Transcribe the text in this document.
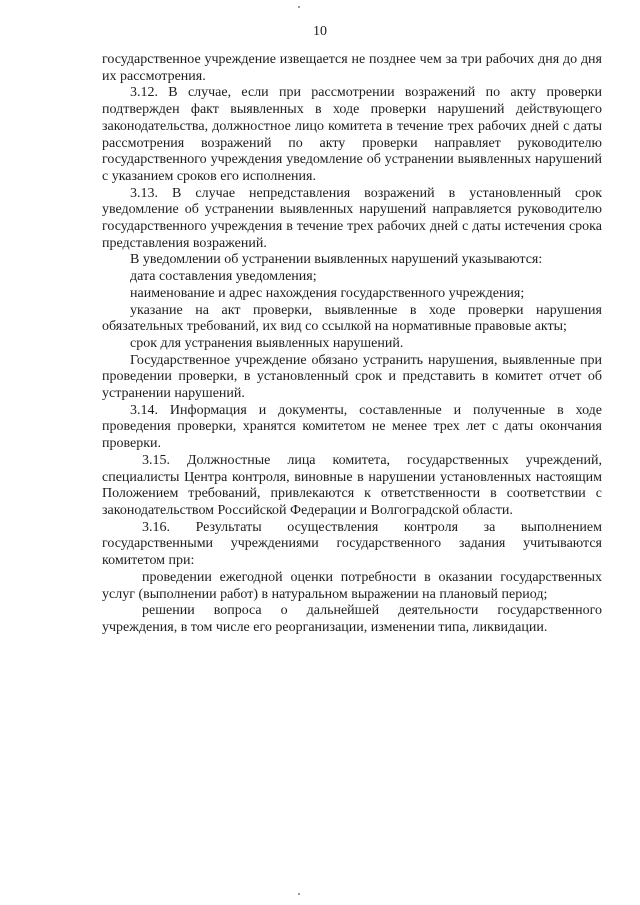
10

государственное учреждение извещается не позднее чем за три рабочих дня до дня их рассмотрения.

3.12. В случае, если при рассмотрении возражений по акту проверки подтвержден факт выявленных в ходе проверки нарушений действующего законодательства, должностное лицо комитета в течение трех рабочих дней с даты рассмотрения возражений по акту проверки направляет руководителю государственного учреждения уведомление об устранении выявленных нарушений с указанием сроков его исполнения.

3.13. В случае непредставления возражений в установленный срок уведомление об устранении выявленных нарушений направляется руководителю государственного учреждения в течение трех рабочих дней с даты истечения срока представления возражений.

В уведомлении об устранении выявленных нарушений указываются:

дата составления уведомления;

наименование и адрес нахождения государственного учреждения;

указание на акт проверки, выявленные в ходе проверки нарушения обязательных требований, их вид со ссылкой на нормативные правовые акты;

срок для устранения выявленных нарушений.

Государственное учреждение обязано устранить нарушения, выявленные при проведении проверки, в установленный срок и представить в комитет отчет об устранении нарушений.

3.14. Информация и документы, составленные и полученные в ходе проведения проверки, хранятся комитетом не менее трех лет с даты окончания проверки.

3.15. Должностные лица комитета, государственных учреждений, специалисты Центра контроля, виновные в нарушении установленных настоящим Положением требований, привлекаются к ответственности в соответствии с законодательством Российской Федерации и Волгоградской области.

3.16. Результаты осуществления контроля за выполнением государственными учреждениями государственного задания учитываются комитетом при:

проведении ежегодной оценки потребности в оказании государственных услуг (выполнении работ) в натуральном выражении на плановый период;

решении вопроса о дальнейшей деятельности государственного учреждения, в том числе его реорганизации, изменении типа, ликвидации.
